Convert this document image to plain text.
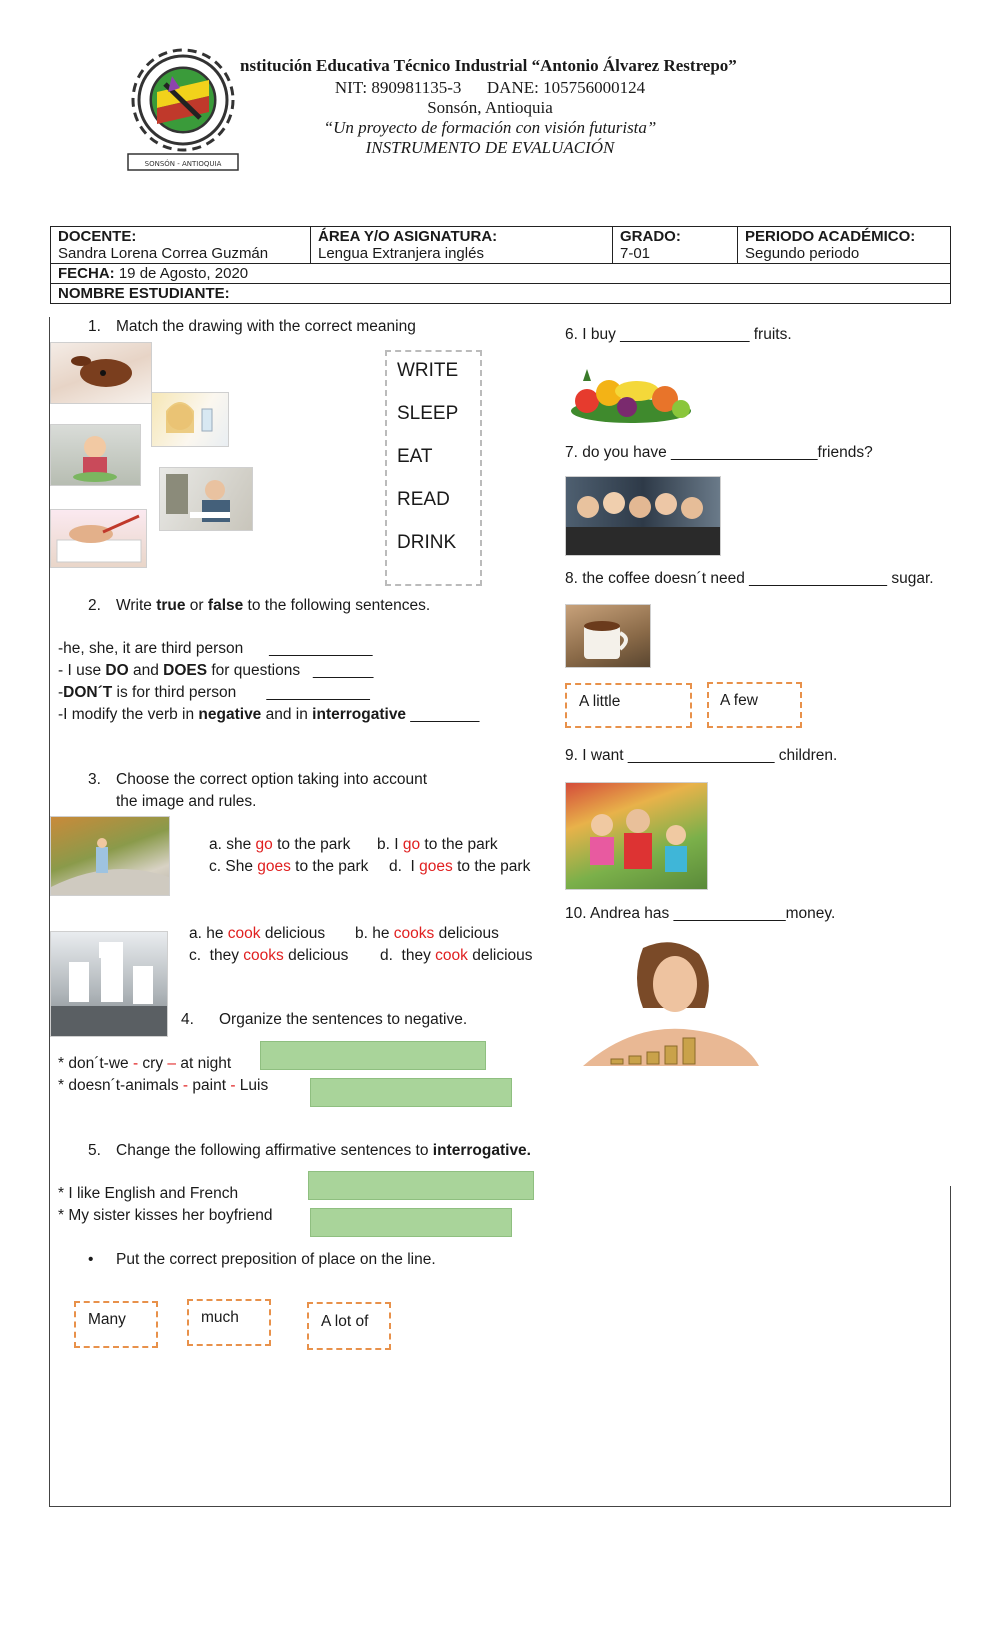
SONSÓN - ANTIOQUIA
nstitución Educativa Técnico Industrial “Antonio Álvarez Restrepo”
NIT: 890981135-3      DANE: 105756000124
Sonsón, Antioquia
“Un proyecto de formación con visión futurista”
INSTRUMENTO DE EVALUACIÓN
DOCENTE:
Sandra Lorena Correa Guzmán

ÁREA Y/O ASIGNATURA:
Lengua Extranjera inglés

GRADO:
7-01

PERIODO ACADÉMICO:
Segundo periodo

FECHA: 19 de Agosto, 2020
NOMBRE ESTUDIANTE:
1. Match the drawing with the correct meaning
WRITE
SLEEP
EAT
READ
DRINK
2. Write true or false to the following sentences.
-he, she, it are third person      ____________
- I use DO and DOES for questions   _______
-DON´T is for third person       ____________
-I modify the verb in negative and in interrogative ________
3. Choose the correct option taking into account
the image and rules.
a. she go to the park b. I go to the park
c. She goes to the park d.  I goes to the park
a. he cook delicious b. he cooks delicious
c.  they cooks delicious d.  they cook delicious
4. Organize the sentences to negative.
* don´t-we - cry – at night
* doesn´t-animals - paint - Luis
5. Change the following affirmative sentences to interrogative.
* I like English and French
* My sister kisses her boyfriend
• Put the correct preposition of place on the line.
Many	much	A lot of
6. I buy _______________ fruits.
7. do you have _________________friends?
8. the coffee doesn´t need ________________ sugar.
A little	A few
9. I want _________________ children.
10. Andrea has _____________money.
